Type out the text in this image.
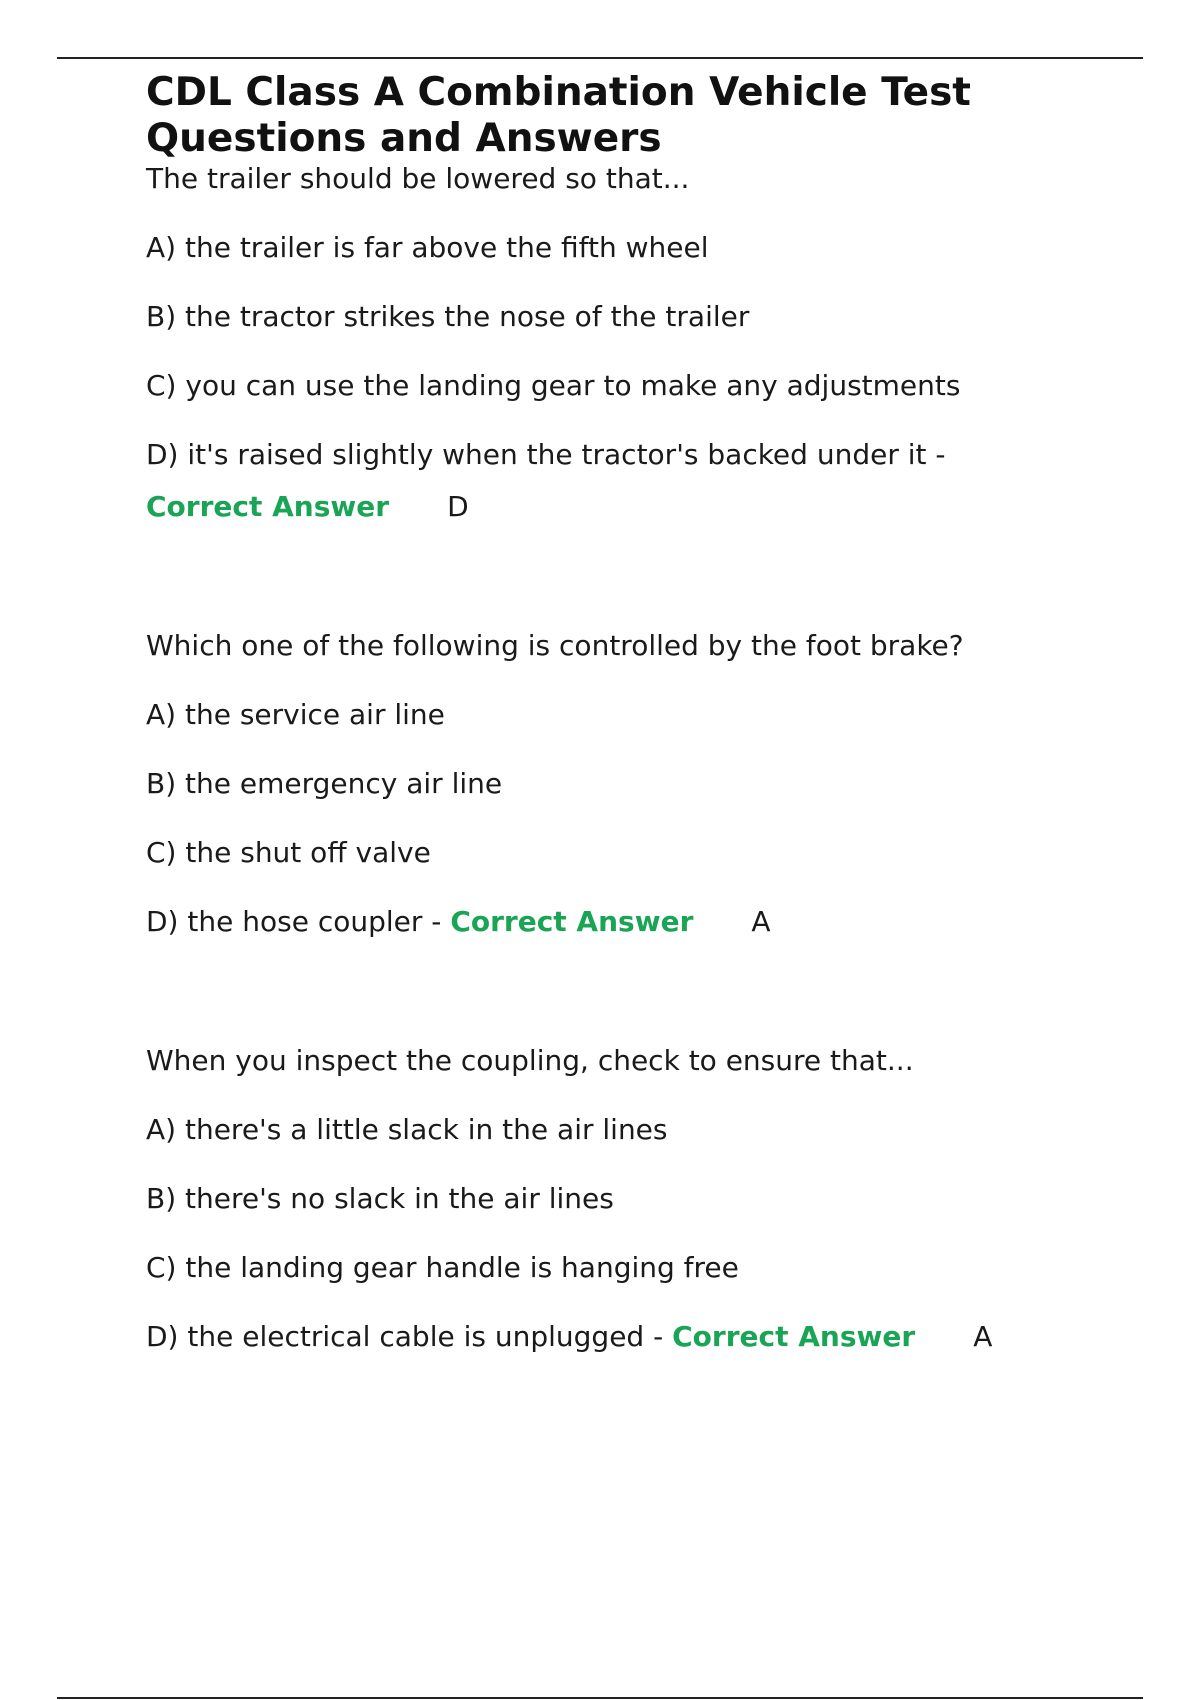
CDL Class A Combination Vehicle Test Questions and Answers

The trailer should be lowered so that...

A) the trailer is far above the fifth wheel

B) the tractor strikes the nose of the trailer

C) you can use the landing gear to make any adjustments

D) it's raised slightly when the tractor's backed under it -

Correct Answer D

Which one of the following is controlled by the foot brake?

A) the service air line

B) the emergency air line

C) the shut off valve

D) the hose coupler - Correct Answer A

When you inspect the coupling, check to ensure that...

A) there's a little slack in the air lines

B) there's no slack in the air lines

C) the landing gear handle is hanging free

D) the electrical cable is unplugged - Correct Answer A
